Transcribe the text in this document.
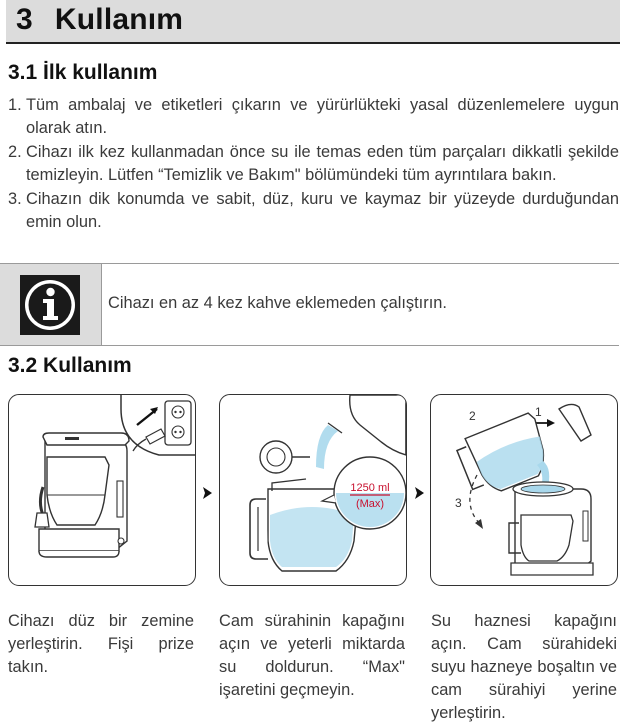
3 Kullanım
3.1 İlk kullanım
1. Tüm ambalaj ve etiketleri çıkarın ve yürürlükteki yasal düzenlemelere uygun olarak atın.
2. Cihazı ilk kez kullanmadan önce su ile temas eden tüm parçaları dikkatli şekilde temizleyin. Lütfen “Temizlik ve Bakım" bölümündeki tüm ayrıntılara bakın.
3. Cihazın dik konumda ve sabit, düz, kuru ve kaymaz bir yüzeyde durduğundan emin olun.
Cihazı en az 4 kez kahve eklemeden çalıştırın.
3.2 Kullanım
1250 ml
(Max)
1
2
3

Cihazı düz bir zemine yerleştirin. Fişi prize takın.

Cam sürahinin kapağını açın ve yeterli miktarda su doldurun. “Max" işaretini geçmeyin.

Su haznesi kapağını açın. Cam sürahideki suyu hazneye boşaltın ve cam sürahiyi yerine yerleştirin.
